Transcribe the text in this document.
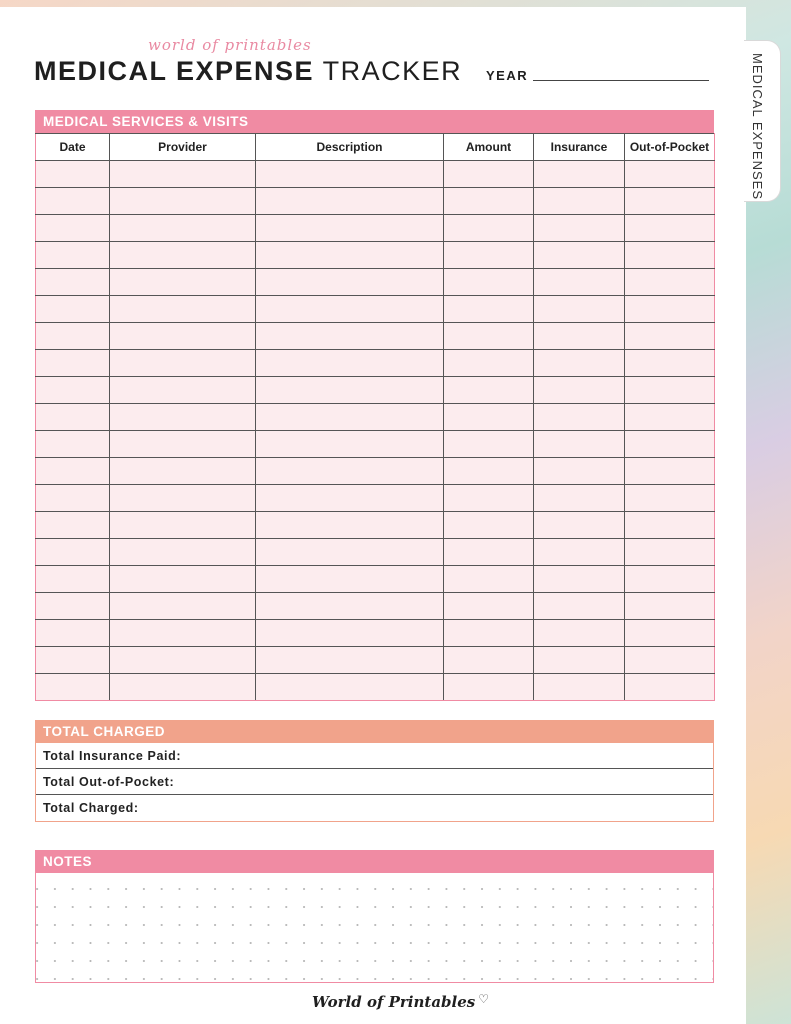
MEDICAL EXPENSES
world of printables
MEDICAL EXPENSE TRACKER YEAR
MEDICAL SERVICES & VISITS
Date	Provider	Description	Amount	Insurance	Out-of-Pocket

TOTAL CHARGED
Total Insurance Paid:
Total Out-of-Pocket:
Total Charged:
NOTES
World of Printables ♡
